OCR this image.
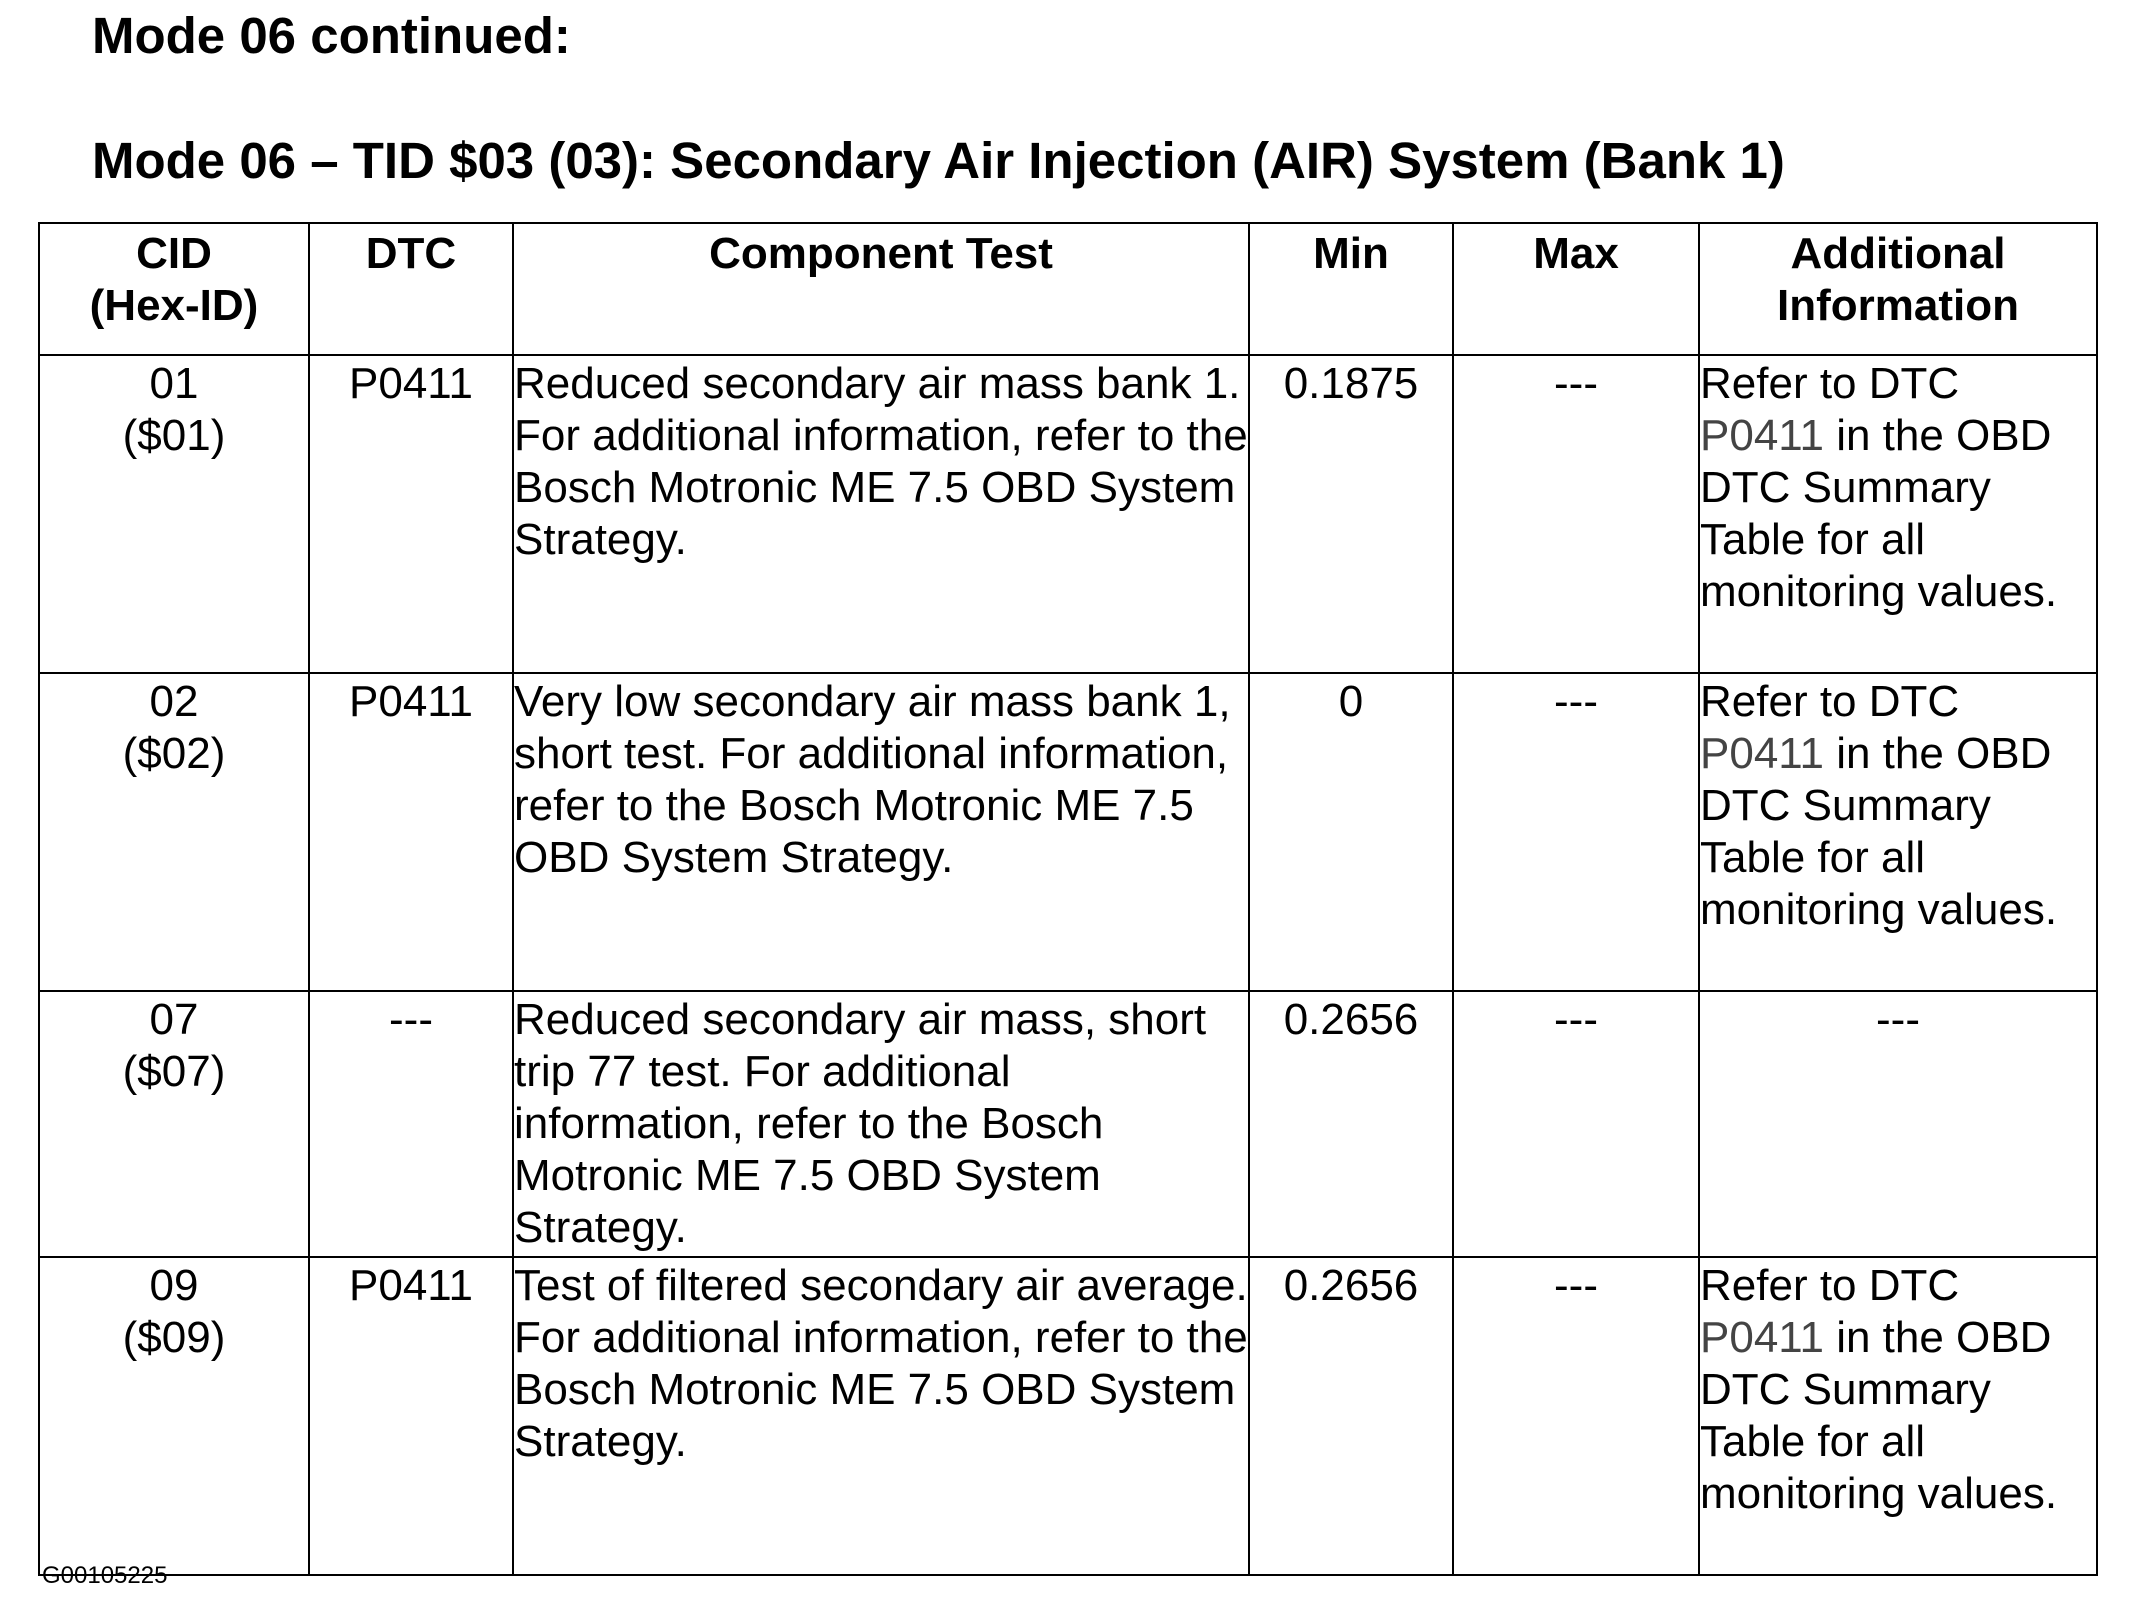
Mode 06 continued:
Mode 06 – TID $03 (03): Secondary Air Injection (AIR) System (Bank 1)
CID
(Hex-ID)	DTC	Component Test	Min	Max	Additional
Information

01
($01)	P0411	Reduced secondary air mass bank 1. For additional information, refer to the Bosch Motronic ME 7.5 OBD System Strategy.	0.1875	---	Refer to DTC
P0411 in the OBD DTC Summary Table for all monitoring values.

02
($02)	P0411	Very low secondary air mass bank 1, short test. For additional information, refer to the Bosch Motronic ME 7.5 OBD System Strategy.	0	---	Refer to DTC
P0411 in the OBD DTC Summary Table for all monitoring values.

07
($07)	---	Reduced secondary air mass, short trip 77 test. For additional information, refer to the Bosch Motronic ME 7.5 OBD System Strategy.	0.2656	---	---

09
($09)	P0411	Test of filtered secondary air average. For additional information, refer to the Bosch Motronic ME 7.5 OBD System Strategy.	0.2656	---	Refer to DTC
P0411 in the OBD DTC Summary Table for all monitoring values.
G00105225
